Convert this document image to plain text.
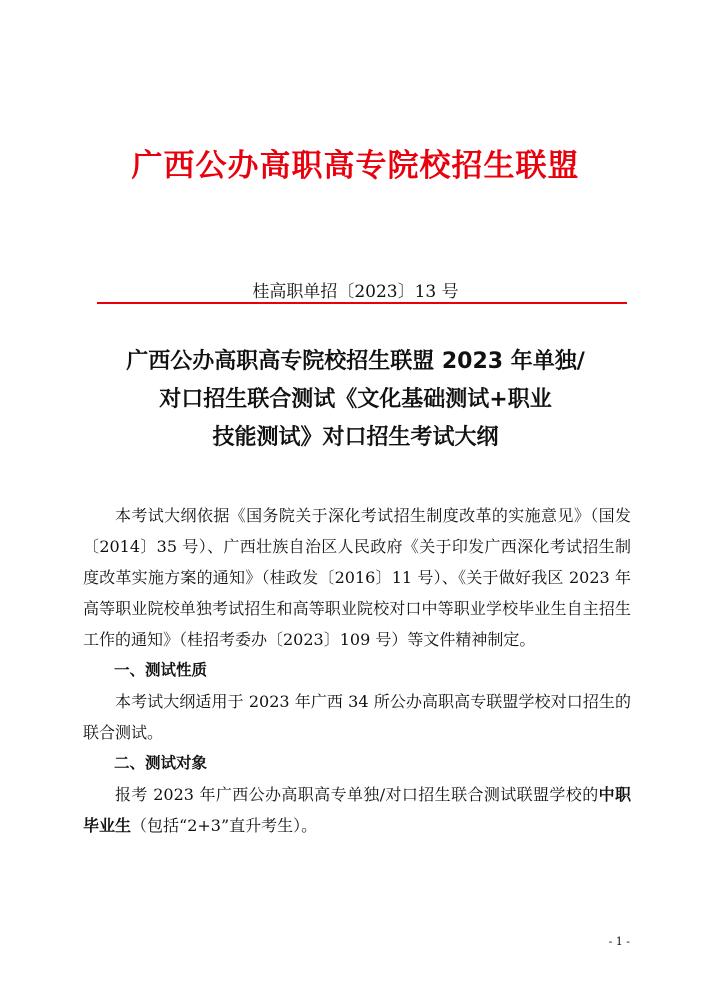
广西公办高职高专院校招生联盟
桂高职单招〔2023〕13 号
广西公办高职高专院校招生联盟 2023 年单独/
对口招生联合测试《文化基础测试+职业
技能测试》对口招生考试大纲

本考试大纲依据《国务院关于深化考试招生制度改革的实施意见》（国发〔2014〕35 号）、广西壮族自治区人民政府《关于印发广西深化考试招生制度改革实施方案的通知》（桂政发〔2016〕11 号）、《关于做好我区 2023 年高等职业院校单独考试招生和高等职业院校对口中等职业学校毕业生自主招生工作的通知》（桂招考委办〔2023〕109 号）等文件精神制定。

一、测试性质

本考试大纲适用于 2023 年广西 34 所公办高职高专联盟学校对口招生的联合测试。

二、测试对象

报考 2023 年广西公办高职高专单独/对口招生联合测试联盟学校的中职毕业生（包括“2+3”直升考生）。

- 1 -
